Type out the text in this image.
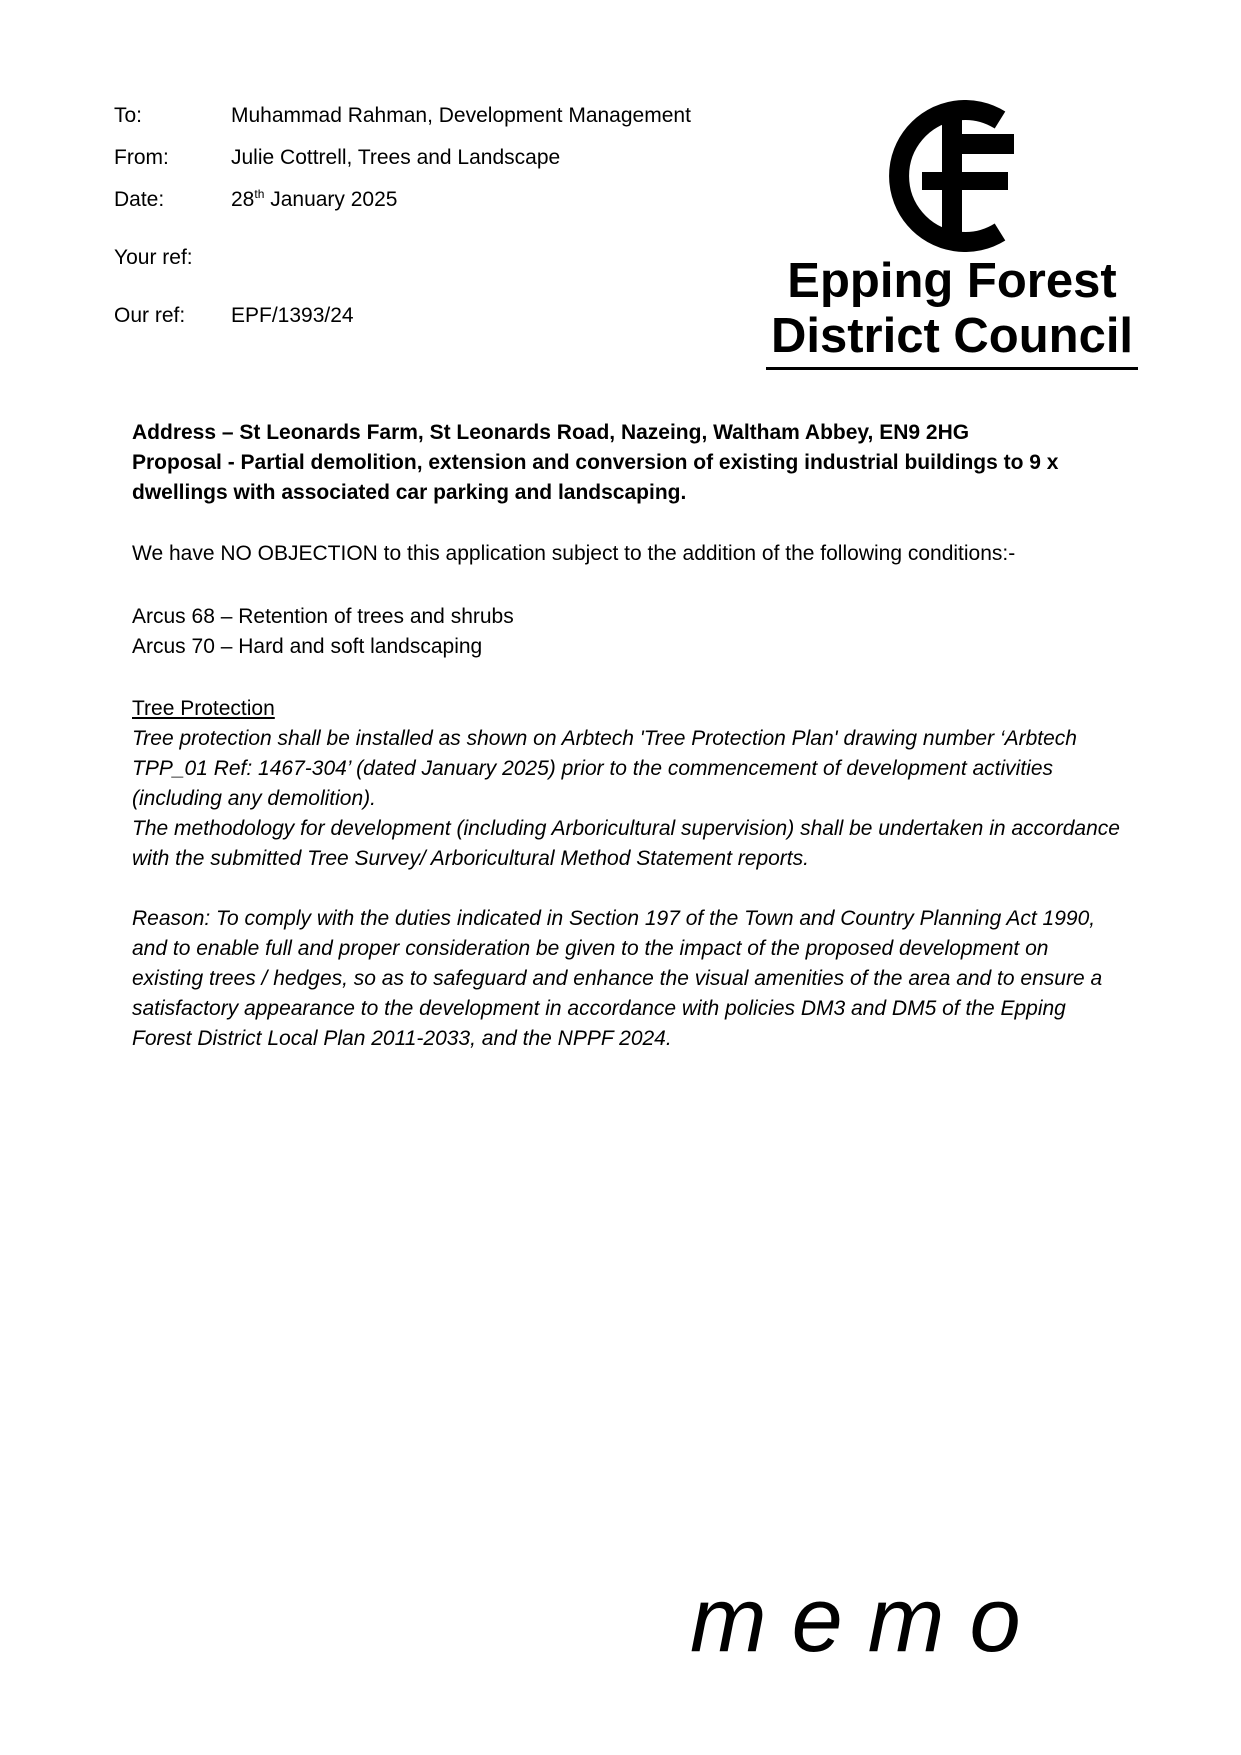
To:	Muhammad Rahman, Development Management
From:	Julie Cottrell, Trees and Landscape
Date:	28th January 2025
Your ref:
Our ref: EPF/1393/24
Epping Forest
District Council

Address – St Leonards Farm, St Leonards Road, Nazeing, Waltham Abbey, EN9 2HG

Proposal - Partial demolition, extension and conversion of existing industrial buildings to 9 x dwellings with associated car parking and landscaping.

We have NO OBJECTION to this application subject to the addition of the following conditions:-

Arcus 68 – Retention of trees and shrubs

Arcus 70 – Hard and soft landscaping

Tree Protection

Tree protection shall be installed as shown on Arbtech 'Tree Protection Plan' drawing number ‘Arbtech TPP_01 Ref: 1467-304’ (dated January 2025) prior to the commencement of development activities (including any demolition).

The methodology for development (including Arboricultural supervision) shall be undertaken in accordance with the submitted Tree Survey/ Arboricultural Method Statement reports.

Reason: To comply with the duties indicated in Section 197 of the Town and Country Planning Act 1990, and to enable full and proper consideration be given to the impact of the proposed development on existing trees / hedges, so as to safeguard and enhance the visual amenities of the area and to ensure a satisfactory appearance to the development in accordance with policies DM3 and DM5 of the Epping Forest District Local Plan 2011-2033, and the NPPF 2024.

memo
